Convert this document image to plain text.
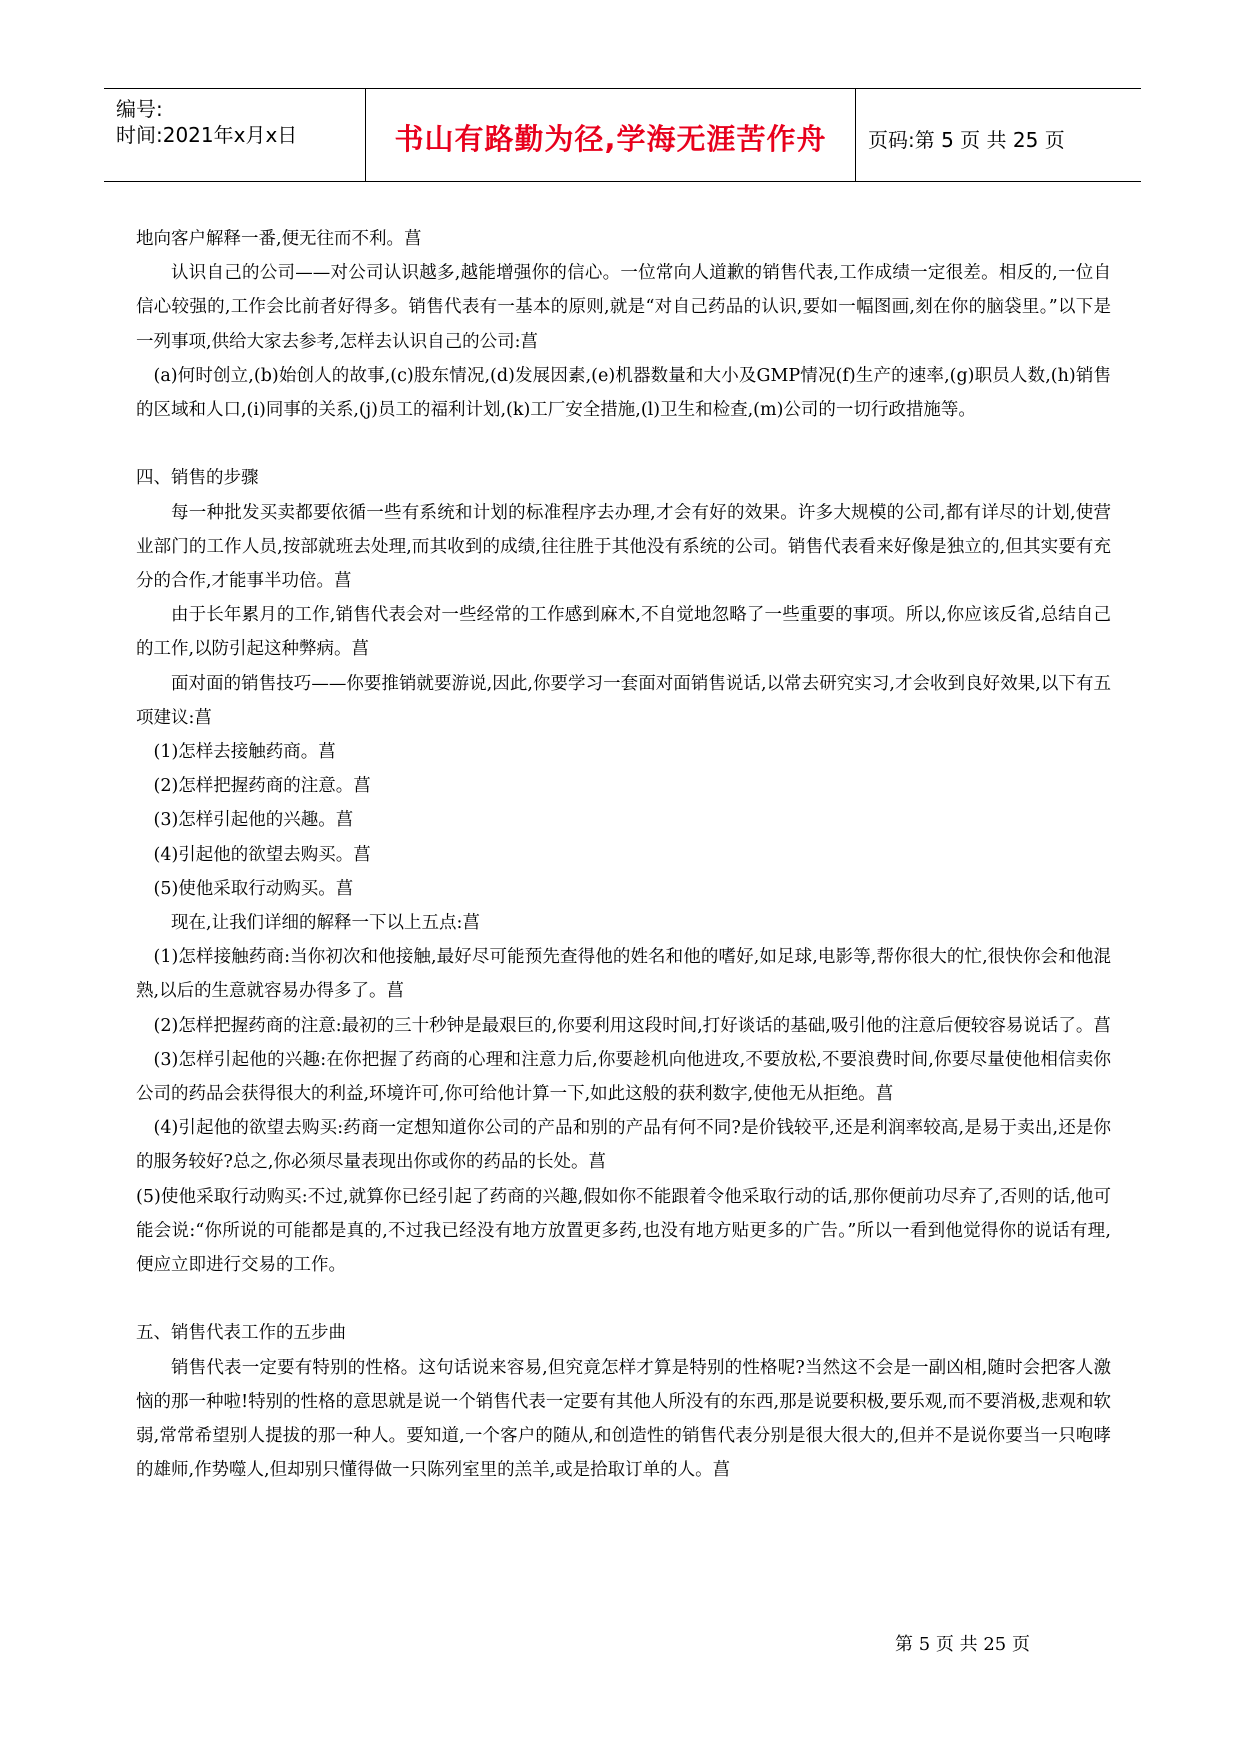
编号:
时间:2021年x月x日	书山有路勤为径,学海无涯苦作舟	页码:第 5 页 共 25 页

地向客户解释一番,便无往而不利。菖

认识自己的公司——对公司认识越多,越能增强你的信心。一位常向人道歉的销售代表,工作成绩一定很差。相反的,一位自信心较强的,工作会比前者好得多。销售代表有一基本的原则,就是“对自己药品的认识,要如一幅图画,刻在你的脑袋里。”以下是一列事项,供给大家去参考,怎样去认识自己的公司:菖

(a)何时创立,(b)始创人的故事,(c)股东情况,(d)发展因素,(e)机器数量和大小及GMP情况(f)生产的速率,(g)职员人数,(h)销售的区域和人口,(i)同事的关系,(j)员工的福利计划,(k)工厂安全措施,(l)卫生和检查,(m)公司的一切行政措施等。

四、销售的步骤

每一种批发买卖都要依循一些有系统和计划的标准程序去办理,才会有好的效果。许多大规模的公司,都有详尽的计划,使营业部门的工作人员,按部就班去处理,而其收到的成绩,往往胜于其他没有系统的公司。销售代表看来好像是独立的,但其实要有充分的合作,才能事半功倍。菖

由于长年累月的工作,销售代表会对一些经常的工作感到麻木,不自觉地忽略了一些重要的事项。所以,你应该反省,总结自己的工作,以防引起这种弊病。菖

面对面的销售技巧——你要推销就要游说,因此,你要学习一套面对面销售说话,以常去研究实习,才会收到良好效果,以下有五项建议:菖

(1)怎样去接触药商。菖

(2)怎样把握药商的注意。菖

(3)怎样引起他的兴趣。菖

(4)引起他的欲望去购买。菖

(5)使他采取行动购买。菖

现在,让我们详细的解释一下以上五点:菖

(1)怎样接触药商:当你初次和他接触,最好尽可能预先查得他的姓名和他的嗜好,如足球,电影等,帮你很大的忙,很快你会和他混熟,以后的生意就容易办得多了。菖

(2)怎样把握药商的注意:最初的三十秒钟是最艰巨的,你要利用这段时间,打好谈话的基础,吸引他的注意后便较容易说话了。菖

(3)怎样引起他的兴趣:在你把握了药商的心理和注意力后,你要趁机向他进攻,不要放松,不要浪费时间,你要尽量使他相信卖你公司的药品会获得很大的利益,环境许可,你可给他计算一下,如此这般的获利数字,使他无从拒绝。菖

(4)引起他的欲望去购买:药商一定想知道你公司的产品和别的产品有何不同?是价钱较平,还是利润率较高,是易于卖出,还是你的服务较好?总之,你必须尽量表现出你或你的药品的长处。菖

(5)使他采取行动购买:不过,就算你已经引起了药商的兴趣,假如你不能跟着令他采取行动的话,那你便前功尽弃了,否则的话,他可能会说:“你所说的可能都是真的,不过我已经没有地方放置更多药,也没有地方贴更多的广告。”所以一看到他觉得你的说话有理,便应立即进行交易的工作。

五、销售代表工作的五步曲

销售代表一定要有特别的性格。这句话说来容易,但究竟怎样才算是特别的性格呢?当然这不会是一副凶相,随时会把客人激恼的那一种啦!特别的性格的意思就是说一个销售代表一定要有其他人所没有的东西,那是说要积极,要乐观,而不要消极,悲观和软弱,常常希望别人提拔的那一种人。要知道,一个客户的随从,和创造性的销售代表分别是很大很大的,但并不是说你要当一只咆哮的雄师,作势噬人,但却别只懂得做一只陈列室里的羔羊,或是拾取订单的人。菖

第 5 页 共 25 页
